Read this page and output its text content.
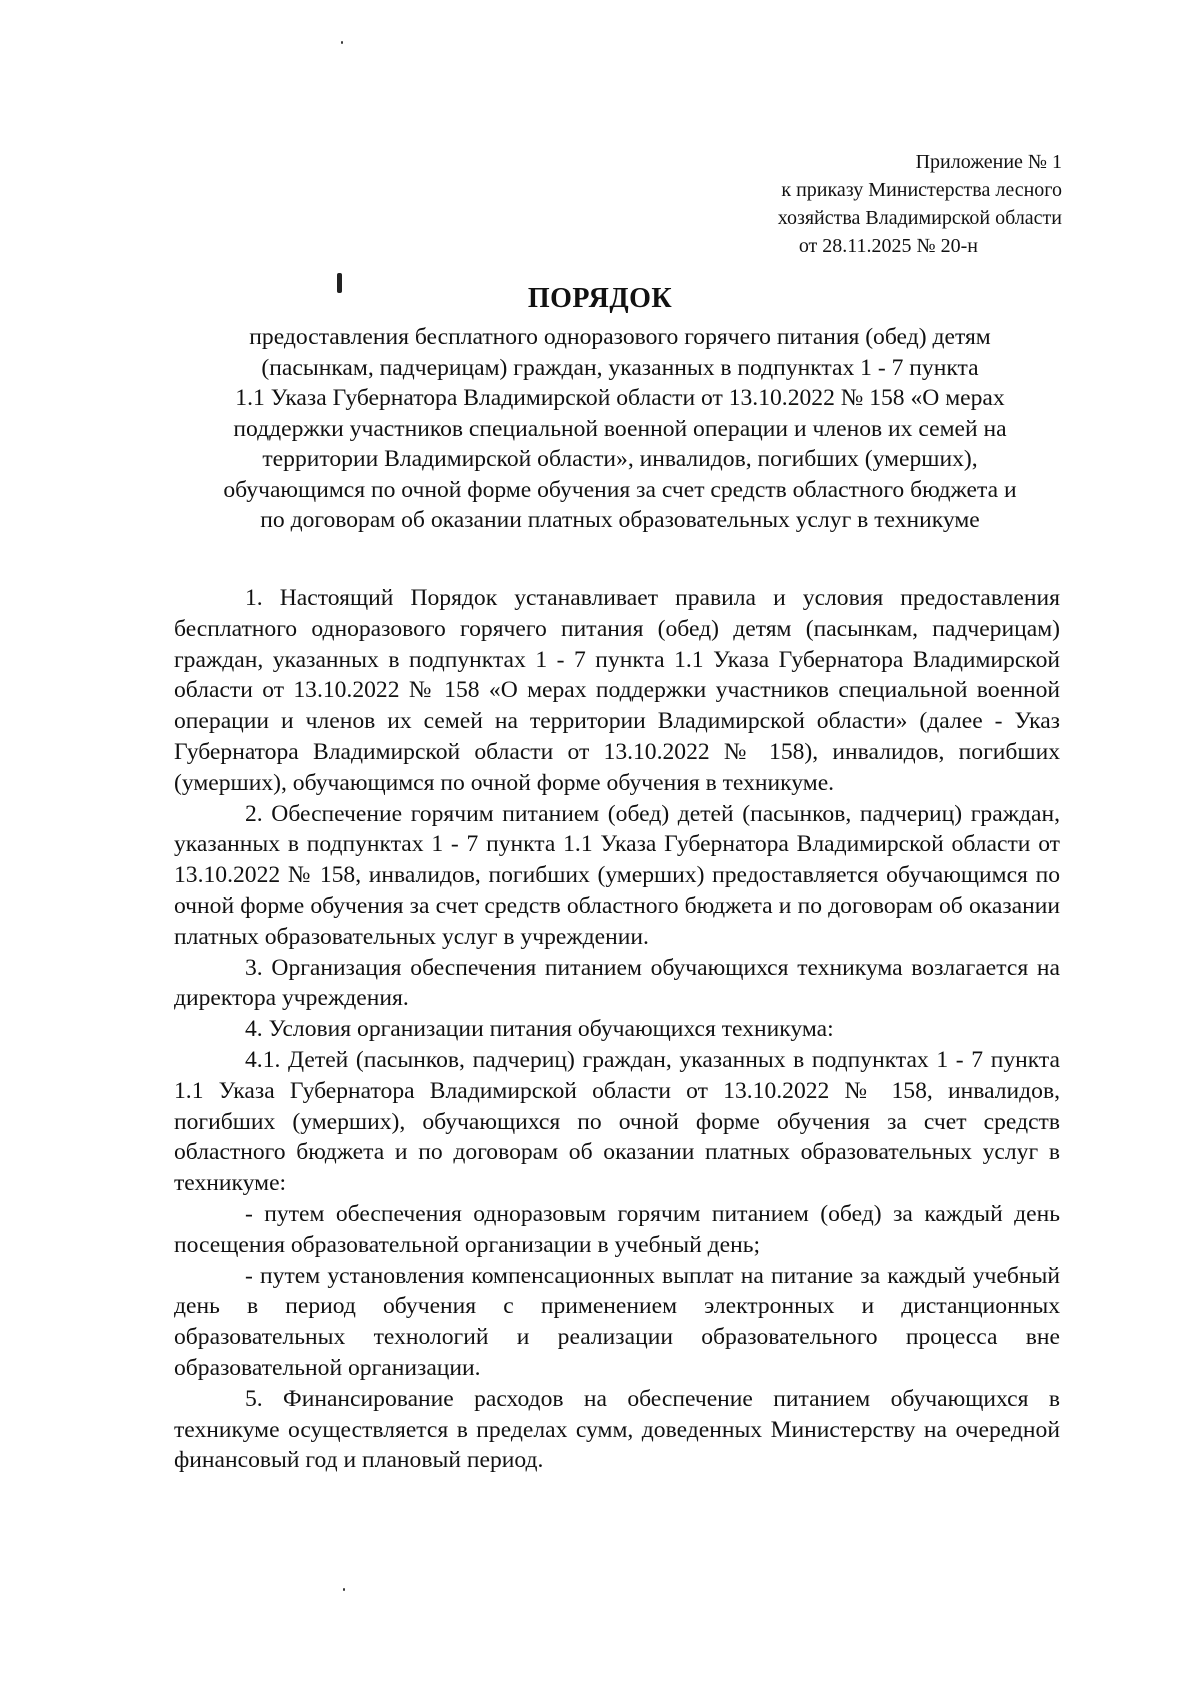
Приложение № 1
к приказу Министерства лесного
хозяйства Владимирской области
от 28.11.2025 № 20-н
ПОРЯДОК
предоставления бесплатного одноразового горячего питания (обед) детям
(пасынкам, падчерицам) граждан, указанных в подпунктах 1 - 7 пункта
1.1 Указа Губернатора Владимирской области от 13.10.2022 № 158 «О мерах
поддержки участников специальной военной операции и членов их семей на
территории Владимирской области», инвалидов, погибших (умерших),
обучающимся по очной форме обучения за счет средств областного бюджета и
по договорам об оказании платных образовательных услуг в техникуме

1. Настоящий Порядок устанавливает правила и условия предоставления бесплатного одноразового горячего питания (обед) детям (пасынкам, падчерицам) граждан, указанных в подпунктах 1 - 7 пункта 1.1 Указа Губернатора Владимирской области от 13.10.2022 № 158 «О мерах поддержки участников специальной военной операции и членов их семей на территории Владимирской области» (далее - Указ Губернатора Владимирской области от 13.10.2022 № 158), инвалидов, погибших (умерших), обучающимся по очной форме обучения в техникуме.

2. Обеспечение горячим питанием (обед) детей (пасынков, падчериц) граждан, указанных в подпунктах 1 - 7 пункта 1.1 Указа Губернатора Владимирской области от 13.10.2022 № 158, инвалидов, погибших (умерших) предоставляется обучающимся по очной форме обучения за счет средств областного бюджета и по договорам об оказании платных образовательных услуг в учреждении.

3. Организация обеспечения питанием обучающихся техникума возлагается на директора учреждения.

4. Условия организации питания обучающихся техникума:

4.1. Детей (пасынков, падчериц) граждан, указанных в подпунктах 1 - 7 пункта 1.1 Указа Губернатора Владимирской области от 13.10.2022 № 158, инвалидов, погибших (умерших), обучающихся по очной форме обучения за счет средств областного бюджета и по договорам об оказании платных образовательных услуг в техникуме:

- путем обеспечения одноразовым горячим питанием (обед) за каждый день посещения образовательной организации в учебный день;

- путем установления компенсационных выплат на питание за каждый учебный день в период обучения с применением электронных и дистанционных образовательных технологий и реализации образовательного процесса вне образовательной организации.

5. Финансирование расходов на обеспечение питанием обучающихся в техникуме осуществляется в пределах сумм, доведенных Министерству на очередной финансовый год и плановый период.
